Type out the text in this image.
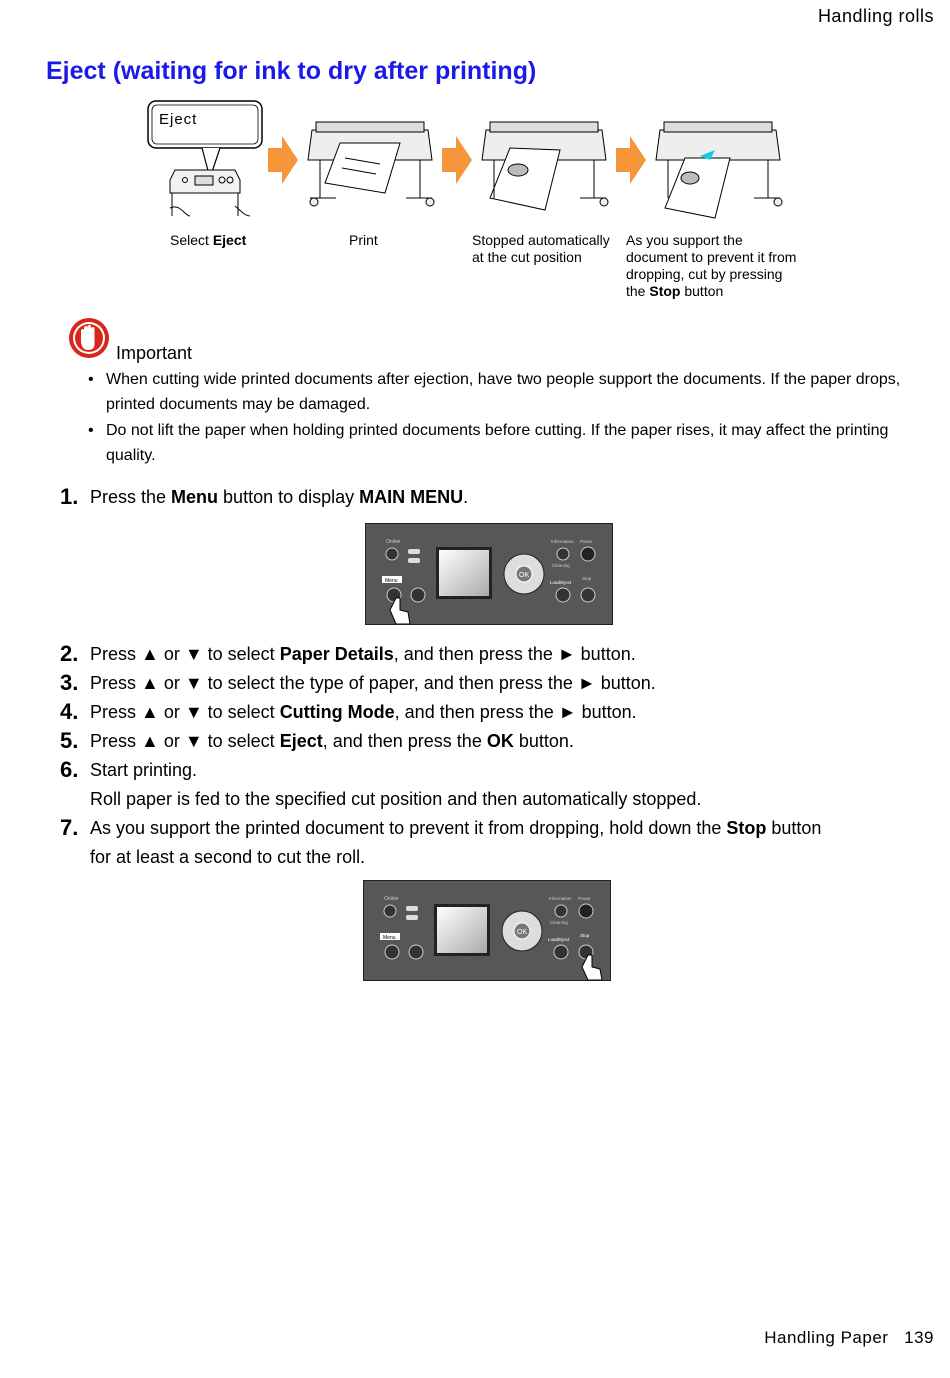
Handling rolls
Eject (waiting for ink to dry after printing)
Eject
Select Eject	Print	Stopped automatically
at the cut position
As you support the
document to prevent it from
dropping, cut by pressing
the Stop button
Important
• When cutting wide printed documents after ejection, have two people support the documents. If the paper drops, printed documents may be damaged.
• Do not lift the paper when holding printed documents before cutting. If the paper rises, it may affect the printing quality.
1. Press the Menu button to display MAIN MENU.
Online
Menu
OK
Information Power
Cleaning
Load/Eject
Stop
2. Press ▲ or ▼ to select Paper Details, and then press the ► button.
3. Press ▲ or ▼ to select the type of paper, and then press the ► button.
4. Press ▲ or ▼ to select Cutting Mode, and then press the ► button.
5. Press ▲ or ▼ to select Eject, and then press the OK button.
6. Start printing.
Roll paper is fed to the specified cut position and then automatically stopped.
7. As you support the printed document to prevent it from dropping, hold down the Stop button
for at least a second to cut the roll.
Online
Menu
OK
Information Power
Cleaning
Load/Eject
Stop
Handling Paper 139
